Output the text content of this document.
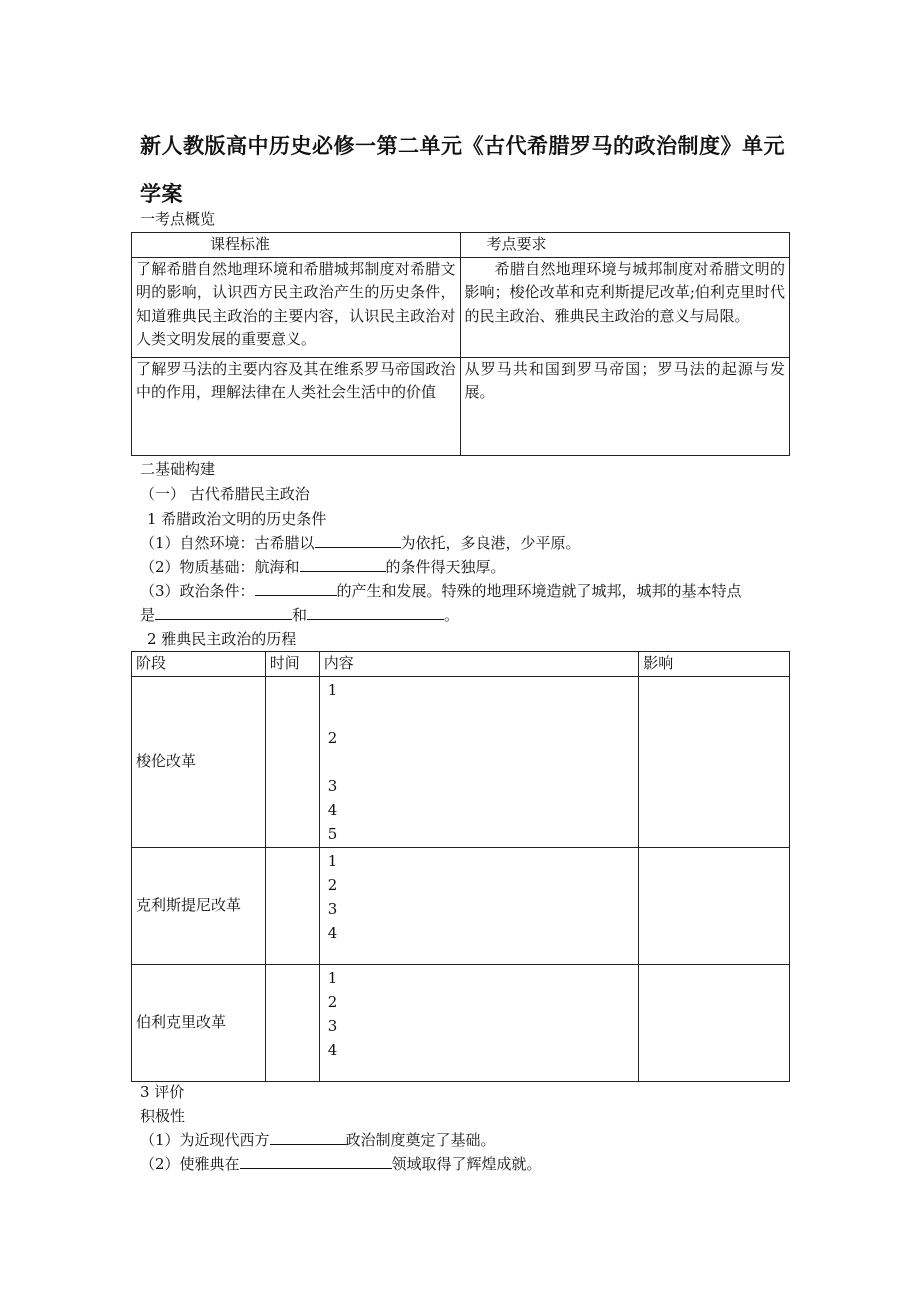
新人教版高中历史必修一第二单元《古代希腊罗马的政治制度》单元学案
一考点概览
课程标准	考点要求
了解希腊自然地理环境和希腊城邦制度对希腊文明的影响，认识西方民主政治产生的历史条件，知道雅典民主政治的主要内容，认识民主政治对人类文明发展的重要意义。	希腊自然地理环境与城邦制度对希腊文明的影响；梭伦改革和克利斯提尼改革;伯利克里时代的民主政治、雅典民主政治的意义与局限。
了解罗马法的主要内容及其在维系罗马帝国政治中的作用，理解法律在人类社会生活中的价值	从罗马共和国到罗马帝国；罗马法的起源与发展。
二基础构建
（一） 古代希腊民主政治
1 希腊政治文明的历史条件
（1）自然环境：古希腊以	为依托，多良港，少平原。
（2）物质基础：航海和	的条件得天独厚。
（3）政治条件：	的产生和发展。特殊的地理环境造就了城邦，城邦的基本特点
是	和	。
2 雅典民主政治的历程
阶段	时间	内容	影响
梭伦改革		1
2
3
4
5	

克利斯提尼改革		1
2
3
4	

伯利克里改革		1
2
3
4	

3 评价
积极性
（1）为近现代西方	政治制度奠定了基础。
（2）使雅典在	领域取得了辉煌成就。
